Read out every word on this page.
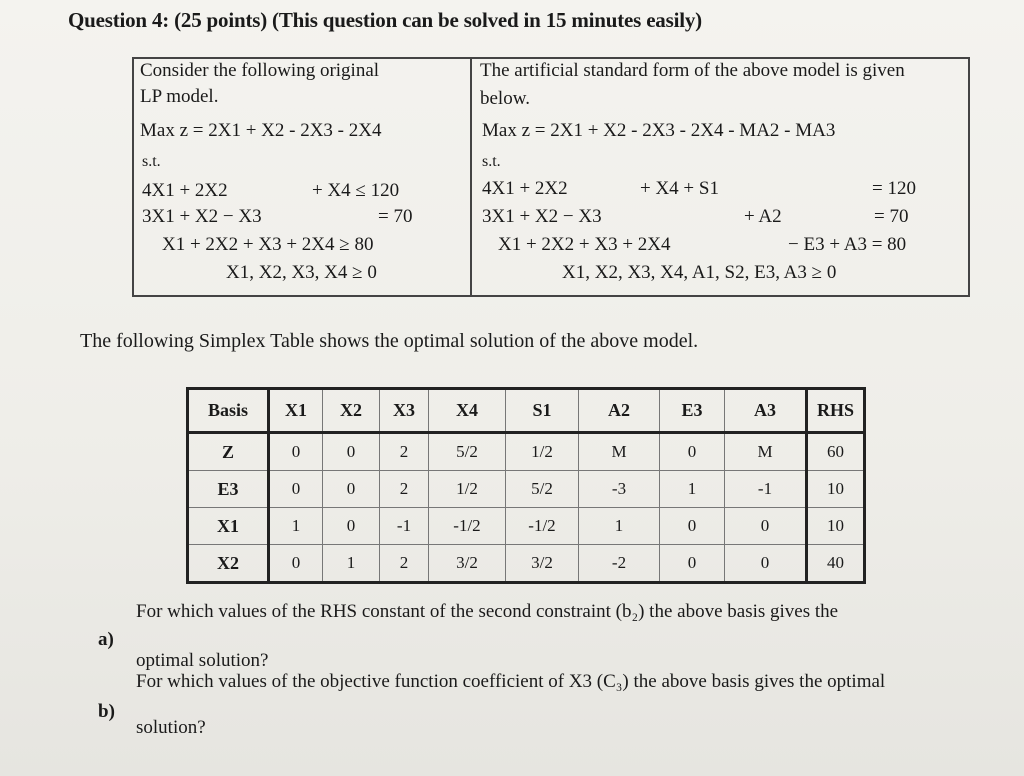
Question 4: (25 points) (This question can be solved in 15 minutes easily)
Consider the following original
LP model.
Max z = 2X1 + X2 - 2X3 - 2X4
s.t.
4X1 + 2X2	+ X4 ≤ 120
3X1 + X2 − X3	= 70
X1 + 2X2 + X3 + 2X4 ≥ 80
X1, X2, X3, X4 ≥ 0
The artificial standard form of the above model is given
below.
Max z = 2X1 + X2 - 2X3 - 2X4 - MA2 - MA3
s.t.
4X1 + 2X2	+ X4 + S1	= 120
3X1 + X2 − X3	+ A2	= 70
X1 + 2X2 + X3 + 2X4	− E3 + A3 = 80
X1, X2, X3, X4, A1, S2, E3, A3 ≥ 0
The following Simplex Table shows the optimal solution of the above model.
Basis	X1	X2	X3	X4	S1	A2	E3	A3	RHS
Z	0	0	2	5/2	1/2	M	0	M	60
E3	0	0	2	1/2	5/2	-3	1	-1	10
X1	1	0	-1	-1/2	-1/2	1	0	0	10
X2	0	1	2	3/2	3/2	-2	0	0	40
a)
For which values of the RHS constant of the second constraint (b₂) the above basis gives the
optimal solution?
b)
For which values of the objective function coefficient of X3 (C₃) the above basis gives the optimal
solution?
